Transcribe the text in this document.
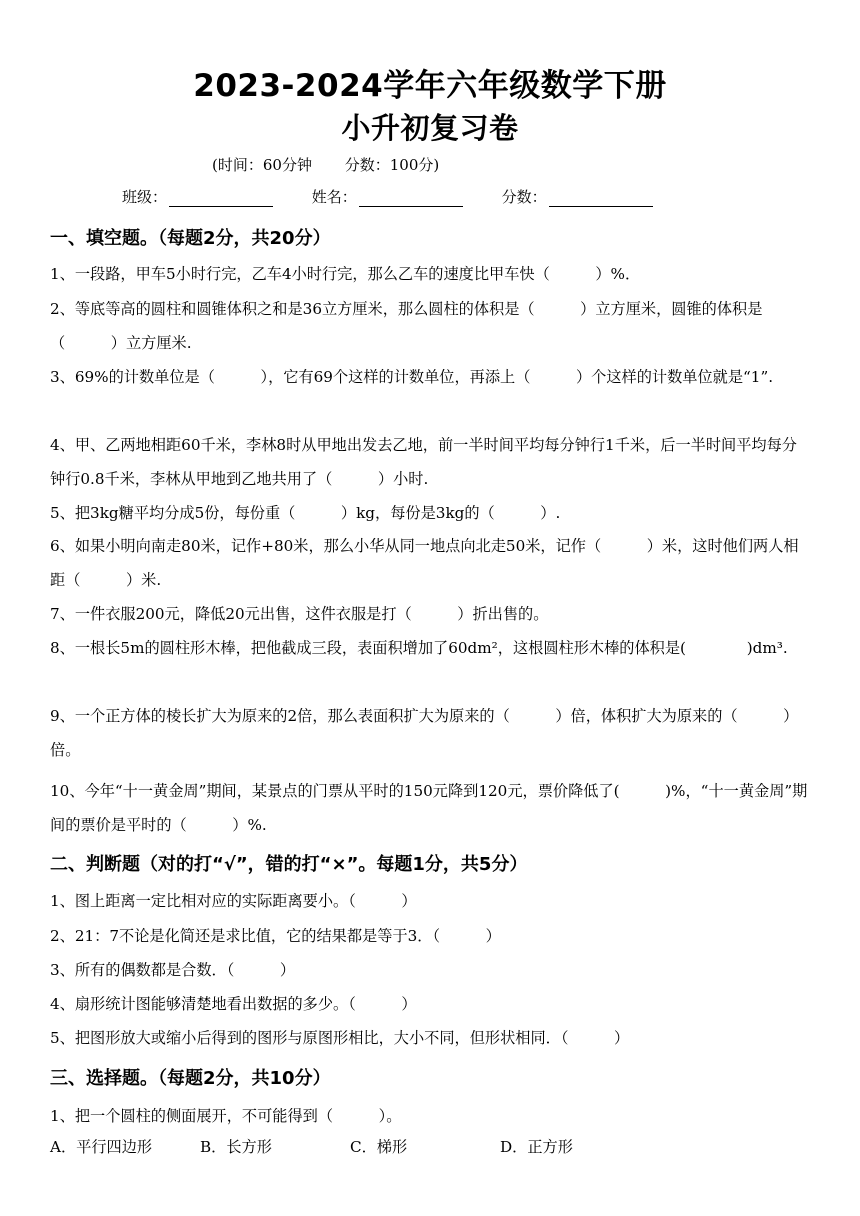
2023-2024学年六年级数学下册
小升初复习卷
(时间：60分钟 分数：100分)
班级：	姓名：	分数：
一、填空题。（每题2分，共20分）
1、一段路，甲车5小时行完，乙车4小时行完，那么乙车的速度比甲车快（　　　）%．
2、等底等高的圆柱和圆锥体积之和是36立方厘米，那么圆柱的体积是（　　　）立方厘米，圆锥的体积是（　　　）立方厘米.
3、69%的计数单位是（　　　），它有69个这样的计数单位，再添上（　　　）个这样的计数单位就是“1”.
4、甲、乙两地相距60千米，李林8时从甲地出发去乙地，前一半时间平均每分钟行1千米，后一半时间平均每分钟行0.8千米，李林从甲地到乙地共用了（　　　）小时.
5、把3kg糖平均分成5份，每份重（　　　）kg，每份是3kg的（　　　）.
6、如果小明向南走80米，记作+80米，那么小华从同一地点向北走50米，记作（　　　）米，这时他们两人相距（　　　）米.
7、一件衣服200元，降低20元出售，这件衣服是打（　　　）折出售的。
8、一根长5m的圆柱形木棒，把他截成三段，表面积增加了60dm²，这根圆柱形木棒的体积是(　　　　)dm³.
9、一个正方体的棱长扩大为原来的2倍，那么表面积扩大为原来的（　　　）倍，体积扩大为原来的（　　　）倍。
10、今年“十一黄金周”期间，某景点的门票从平时的150元降到120元，票价降低了(　　　)%，“十一黄金周”期间的票价是平时的（　　　）%.
二、判断题（对的打“√”，错的打“×”。每题1分，共5分）
1、图上距离一定比相对应的实际距离要小。（　　　）
2、21：7不论是化简还是求比值，它的结果都是等于3．（　　　）
3、所有的偶数都是合数．（　　　）
4、扇形统计图能够清楚地看出数据的多少。（　　　）
5、把图形放大或缩小后得到的图形与原图形相比，大小不同，但形状相同．（　　　）
三、选择题。（每题2分，共10分）
1、把一个圆柱的侧面展开，不可能得到（　　　）。
A．平行四边形	B．长方形	C．梯形	D．正方形
